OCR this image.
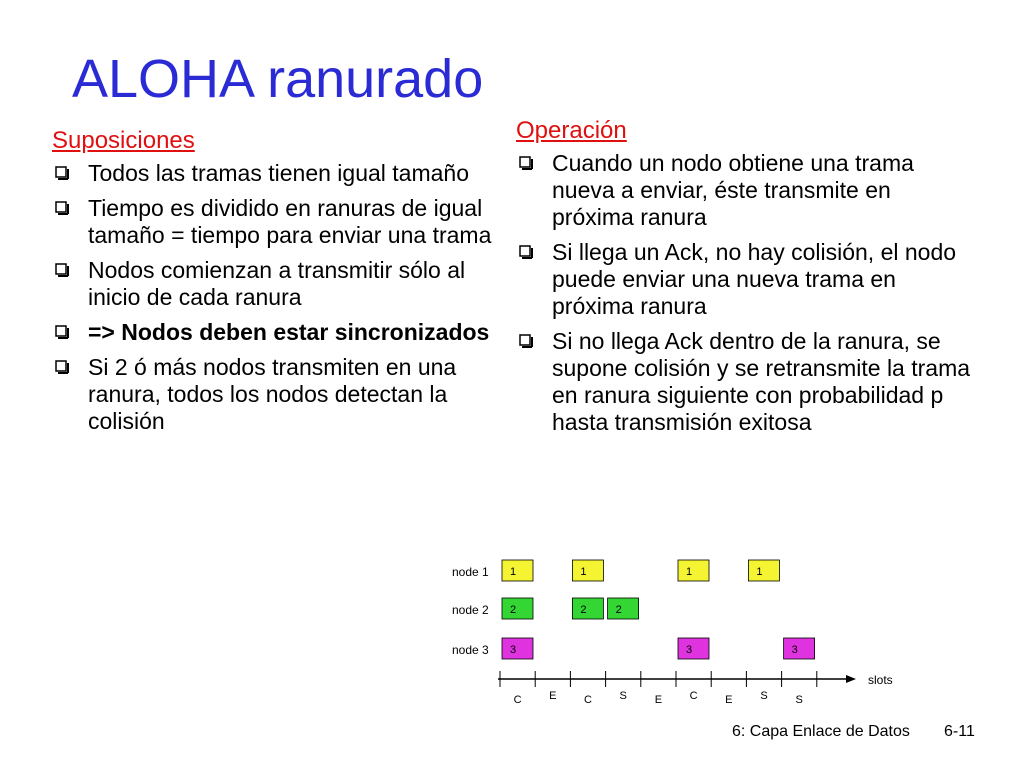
ALOHA ranurado
Suposiciones
Todos las tramas tienen igual tamaño
Tiempo es dividido en ranuras de igual tamaño = tiempo para enviar una trama
Nodos comienzan a transmitir sólo al inicio de cada ranura
=> Nodos deben estar sincronizados
Si 2 ó más nodos transmiten en una ranura, todos los nodos detectan la colisión
Operación
Cuando un nodo obtiene una trama nueva a enviar, éste transmite en próxima ranura
Si llega un Ack, no hay colisión, el nodo puede enviar una nueva trama en próxima ranura
Si no llega Ack dentro de la ranura, se supone colisión y se retransmite la trama en ranura siguiente con probabilidad p hasta transmisión exitosa
node 1
node 2
node 3
1	1	1	1
2	2	2
3	3	3
C	E	C	S	E	C	E	S	S
slots
6: Capa Enlace de Datos 6-11
